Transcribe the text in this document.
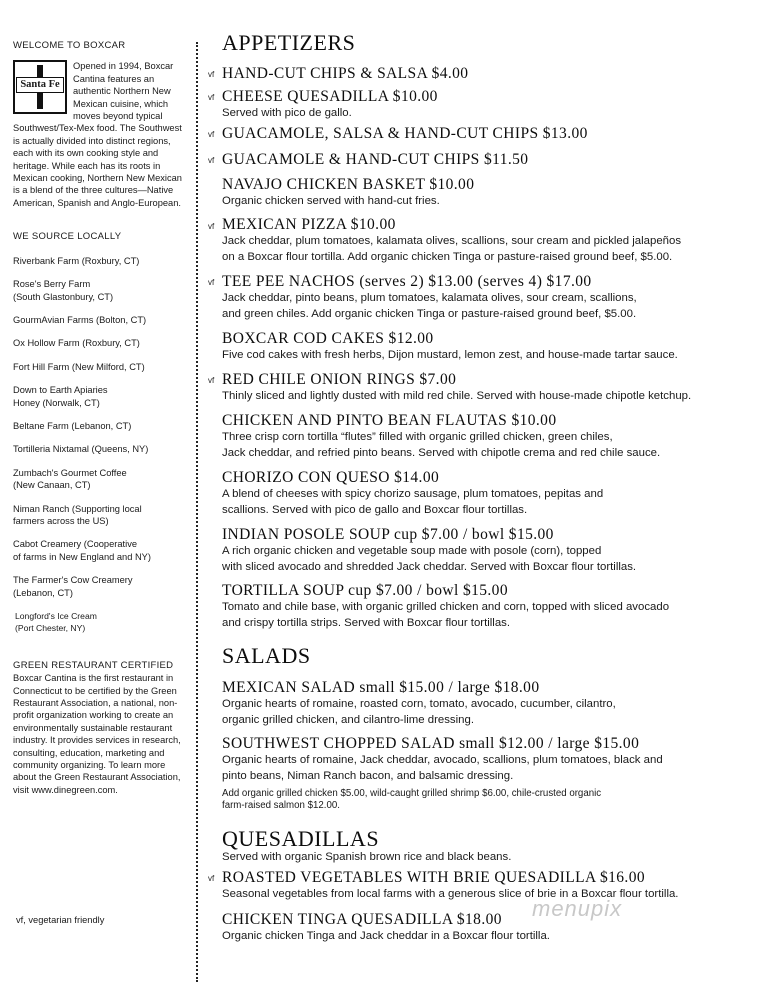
WELCOME TO BOXCAR
Santa Fe
Opened in 1994, Boxcar Cantina features an authentic Northern New Mexican cuisine, which moves beyond typical Southwest/Tex-Mex food. The Southwest is actually divided into distinct regions, each with its own cooking style and heritage. While each has its roots in Mexican cooking, Northern New Mexican is a blend of the three cultures—Native American, Spanish and Anglo-European.
WE SOURCE LOCALLY
Riverbank Farm (Roxbury, CT)
Rose's Berry Farm
(South Glastonbury, CT)
GourmAvian Farms (Bolton, CT)
Ox Hollow Farm (Roxbury, CT)
Fort Hill Farm (New Milford, CT)
Down to Earth Apiaries
Honey (Norwalk, CT)
Beltane Farm (Lebanon, CT)
Tortilleria Nixtamal (Queens, NY)
Zumbach's Gourmet Coffee
(New Canaan, CT)
Niman Ranch (Supporting local
farmers across the US)
Cabot Creamery (Cooperative
of farms in New England and NY)
The Farmer's Cow Creamery
(Lebanon, CT)
Longford's Ice Cream
(Port Chester, NY)
GREEN RESTAURANT CERTIFIED
Boxcar Cantina is the first restaurant in Connecticut to be certified by the Green Restaurant Association, a national, non-profit organization working to create an environmentally sustainable restaurant industry. It provides services in research, consulting, education, marketing and community organizing. To learn more about the Green Restaurant Association, visit www.dinegreen.com.
vf, vegetarian friendly
APPETIZERS
vf HAND-CUT CHIPS & SALSA $4.00
vf CHEESE QUESADILLA $10.00
Served with pico de gallo.
vf GUACAMOLE, SALSA & HAND-CUT CHIPS $13.00
vf GUACAMOLE & HAND-CUT CHIPS $11.50
NAVAJO CHICKEN BASKET $10.00
Organic chicken served with hand-cut fries.
vf MEXICAN PIZZA $10.00
Jack cheddar, plum tomatoes, kalamata olives, scallions, sour cream and pickled jalapeños
on a Boxcar flour tortilla. Add organic chicken Tinga or pasture-raised ground beef, $5.00.
vf TEE PEE NACHOS (serves 2) $13.00 (serves 4) $17.00
Jack cheddar, pinto beans, plum tomatoes, kalamata olives, sour cream, scallions,
and green chiles. Add organic chicken Tinga or pasture-raised ground beef, $5.00.
BOXCAR COD CAKES $12.00
Five cod cakes with fresh herbs, Dijon mustard, lemon zest, and house-made tartar sauce.
vf RED CHILE ONION RINGS $7.00
Thinly sliced and lightly dusted with mild red chile. Served with house-made chipotle ketchup.
CHICKEN AND PINTO BEAN FLAUTAS $10.00
Three crisp corn tortilla “flutes” filled with organic grilled chicken, green chiles,
Jack cheddar, and refried pinto beans. Served with chipotle crema and red chile sauce.
CHORIZO CON QUESO $14.00
A blend of cheeses with spicy chorizo sausage, plum tomatoes, pepitas and
scallions. Served with pico de gallo and Boxcar flour tortillas.
INDIAN POSOLE SOUP cup $7.00 / bowl $15.00
A rich organic chicken and vegetable soup made with posole (corn), topped
with sliced avocado and shredded Jack cheddar. Served with Boxcar flour tortillas.
TORTILLA SOUP cup $7.00 / bowl $15.00
Tomato and chile base, with organic grilled chicken and corn, topped with sliced avocado
and crispy tortilla strips. Served with Boxcar flour tortillas.
SALADS
MEXICAN SALAD small $15.00 / large $18.00
Organic hearts of romaine, roasted corn, tomato, avocado, cucumber, cilantro,
organic grilled chicken, and cilantro-lime dressing.
SOUTHWEST CHOPPED SALAD small $12.00 / large $15.00
Organic hearts of romaine, Jack cheddar, avocado, scallions, plum tomatoes, black and
pinto beans, Niman Ranch bacon, and balsamic dressing.
Add organic grilled chicken $5.00, wild-caught grilled shrimp $6.00, chile-crusted organic
farm-raised salmon $12.00.
QUESADILLAS
Served with organic Spanish brown rice and black beans.
vf ROASTED VEGETABLES WITH BRIE QUESADILLA $16.00
Seasonal vegetables from local farms with a generous slice of brie in a Boxcar flour tortilla.
CHICKEN TINGA QUESADILLA $18.00
Organic chicken Tinga and Jack cheddar in a Boxcar flour tortilla.
menupix
